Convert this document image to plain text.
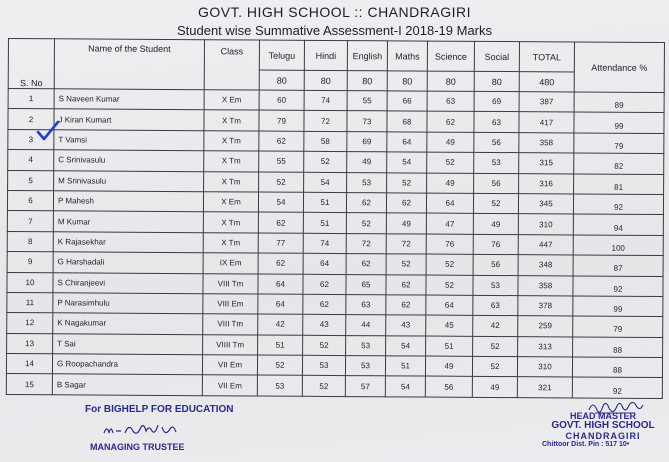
GOVT. HIGH SCHOOL :: CHANDRAGIRI
Student wise Summative Assessment-I 2018-19 Marks
S. No	Name of the Student	Class	Telugu	Hindi	English	Maths	Science	Social	TOTAL	Attendance %
			80	80	80	80	80	80	480	
1	S Naveen Kumar	X Em	60	74	55	66	63	69	387	89
2	J Kiran Kumart	X Tm	79	72	73	68	62	63	417	99
3	T Vamsi	X Tm	62	58	69	64	49	56	358	79
4	C Srinivasulu	X Tm	55	52	49	54	52	53	315	82
5	M Srinivasulu	X Tm	52	54	53	52	49	56	316	81
6	P Mahesh	X Em	54	51	62	62	64	52	345	92
7	M Kumar	X Tm	62	51	52	49	47	49	310	94
8	K Rajasekhar	X Tm	77	74	72	72	76	76	447	100
9	G Harshadali	IX Em	62	64	62	52	52	56	348	87
10	S Chiranjeevi	VIII Tm	64	62	65	62	52	53	358	92
11	P Narasimhulu	VIII Em	64	62	63	62	64	63	378	99
12	K Nagakumar	VIII Tm	42	43	44	43	45	42	259	79
13	T Sai	VIIII Tm	51	52	53	54	51	52	313	88
14	G Roopachandra	VII Em	52	53	53	51	49	52	310	88
15	B Sagar	VII Em	53	52	57	54	56	49	321	92
For BIGHELP FOR EDUCATION
MANAGING TRUSTEE
HEAD MASTER
GOVT. HIGH SCHOOL
CHANDRAGIRI
Chittoor Dist. Pin : 517 10•
